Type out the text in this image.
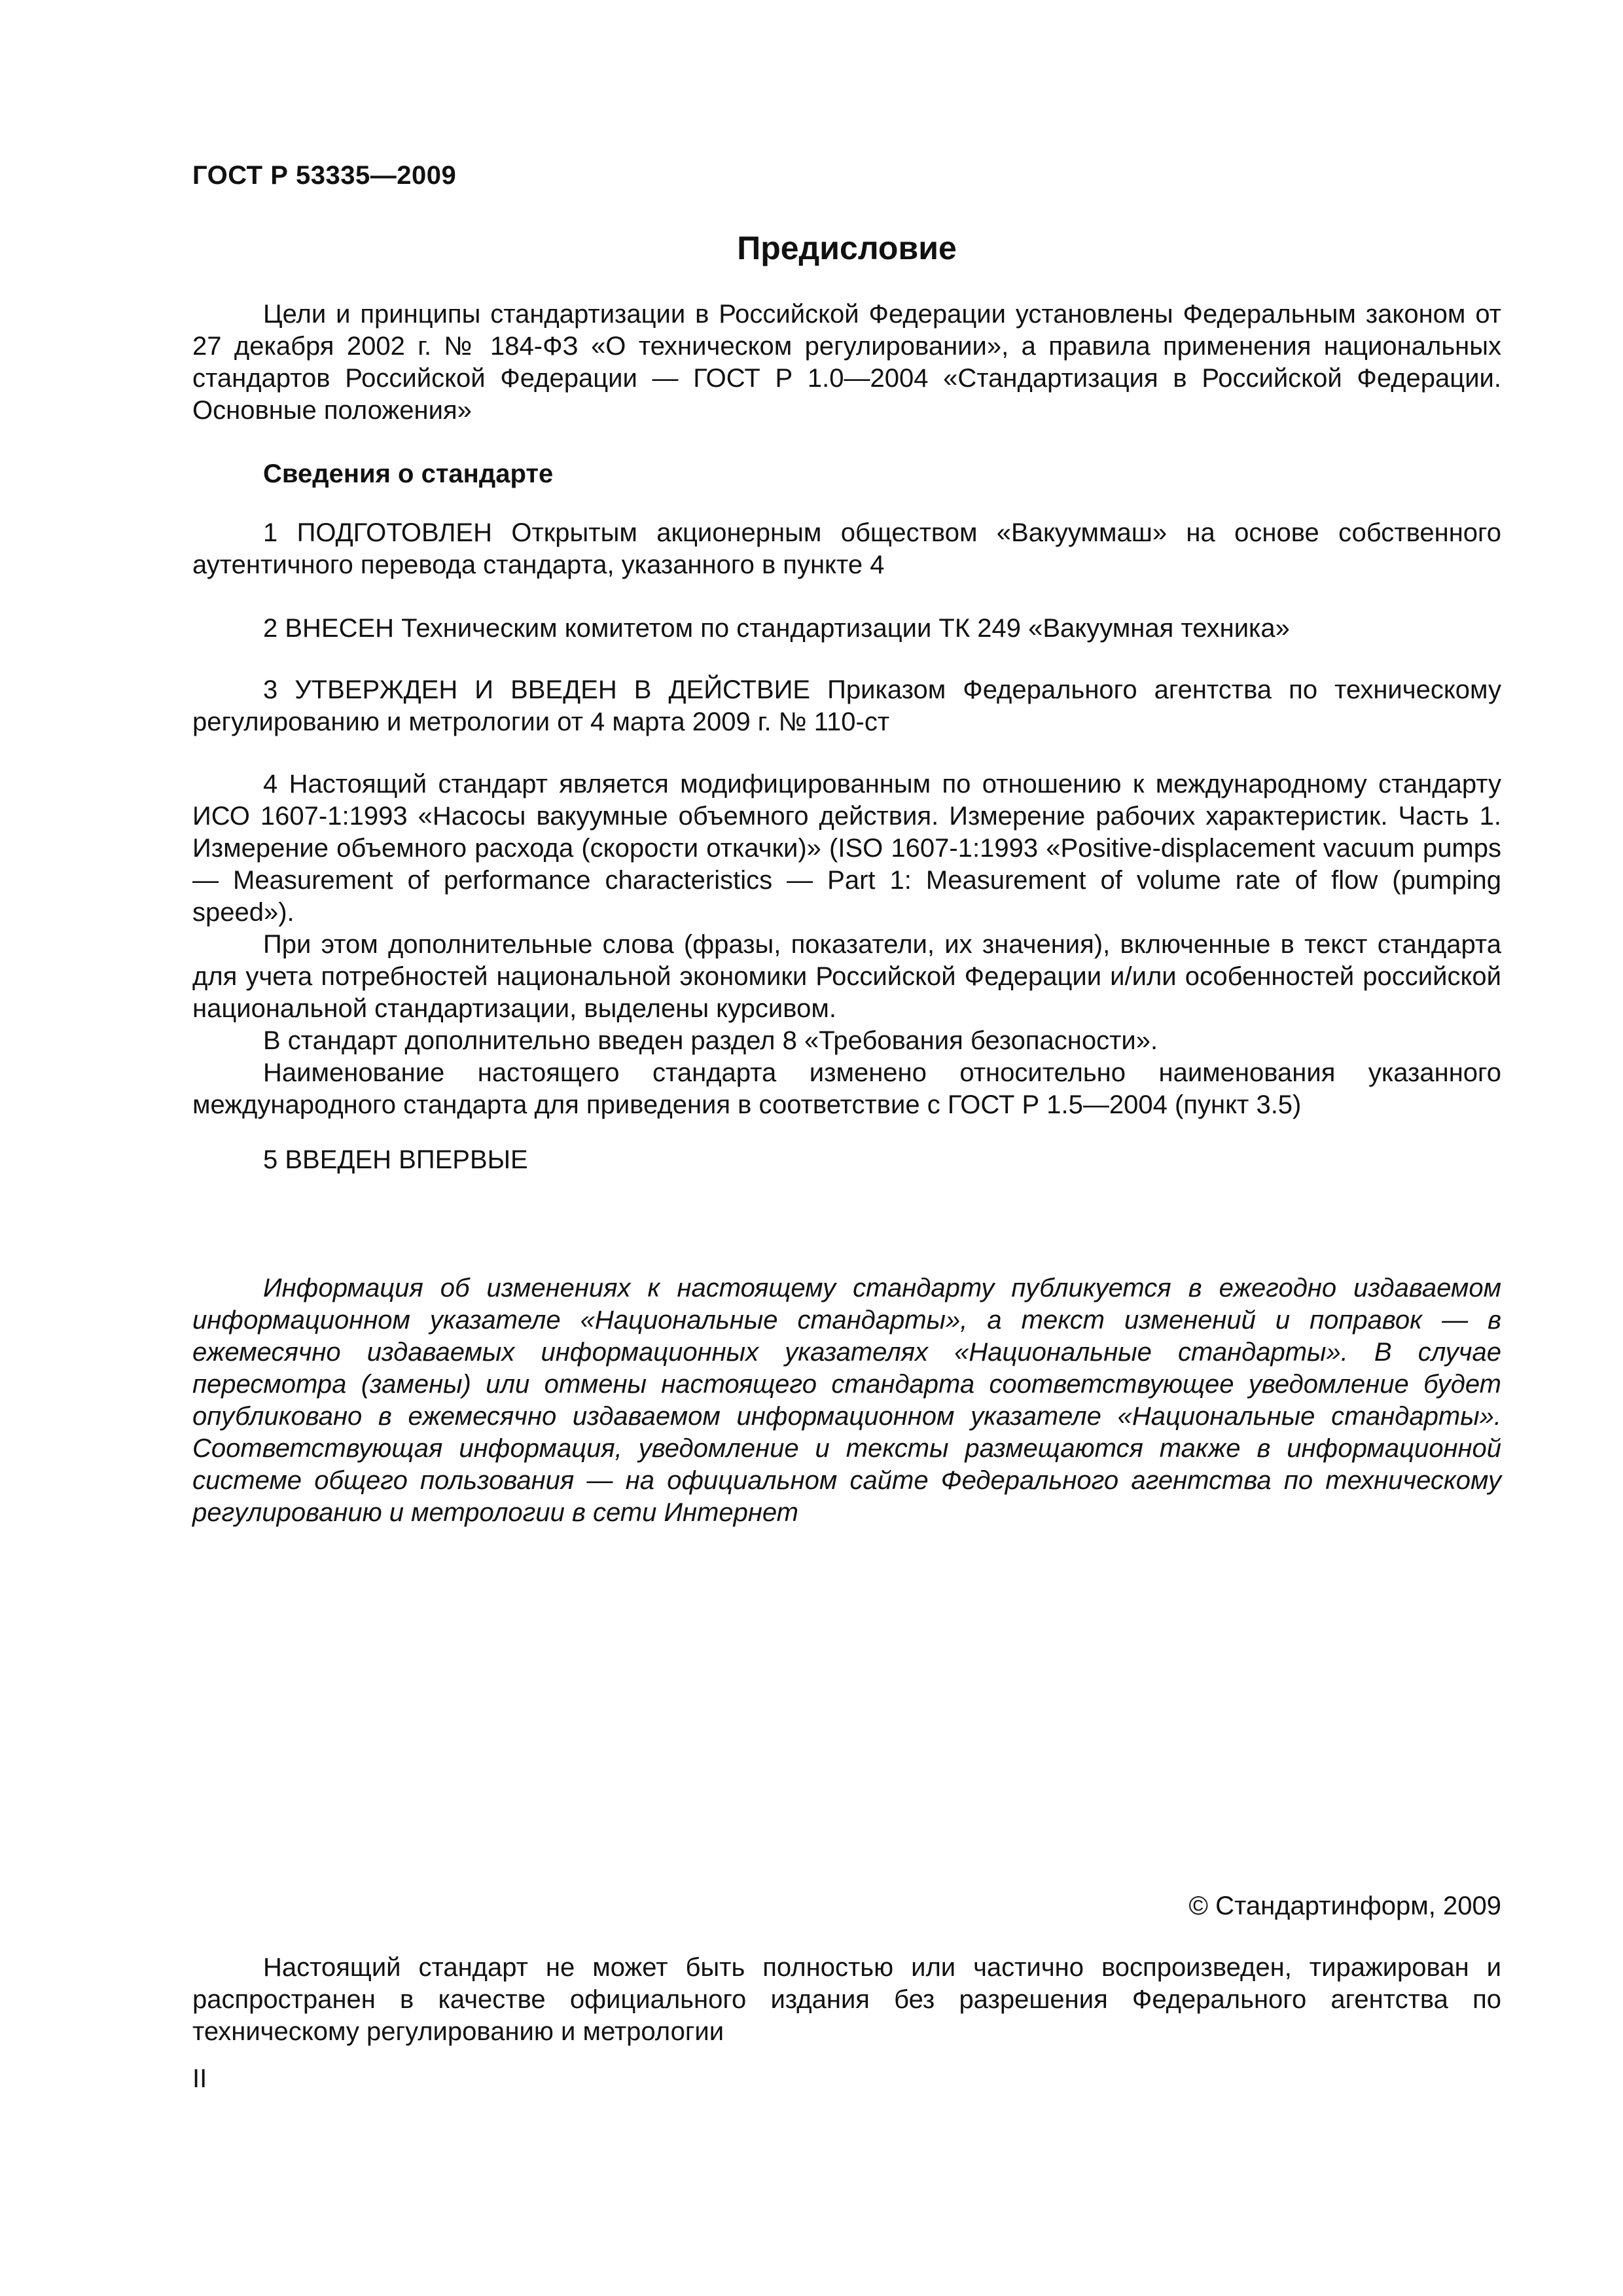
ГОСТ Р 53335—2009
Предисловие

Цели и принципы стандартизации в Российской Федерации установлены Федеральным законом от 27 декабря 2002 г. № 184-ФЗ «О техническом регулировании», а правила применения национальных стандартов Российской Федерации — ГОСТ Р 1.0—2004 «Стандартизация в Российской Федерации. Основные положения»

Сведения о стандарте

1 ПОДГОТОВЛЕН Открытым акционерным обществом «Вакууммаш» на основе собственного аутентичного перевода стандарта, указанного в пункте 4

2 ВНЕСЕН Техническим комитетом по стандартизации ТК 249 «Вакуумная техника»

3 УТВЕРЖДЕН И ВВЕДЕН В ДЕЙСТВИЕ Приказом Федерального агентства по техническому регулированию и метрологии от 4 марта 2009 г. № 110-ст

4 Настоящий стандарт является модифицированным по отношению к международному стандарту ИСО 1607-1:1993 «Насосы вакуумные объемного действия. Измерение рабочих характеристик. Часть 1. Измерение объемного расхода (скорости откачки)» (ISO 1607-1:1993 «Positive-displacement vacuum pumps — Measurement of performance characteristics — Part 1: Measurement of volume rate of flow (pumping speed»).

При этом дополнительные слова (фразы, показатели, их значения), включенные в текст стандарта для учета потребностей национальной экономики Российской Федерации и/или особенностей российской национальной стандартизации, выделены курсивом.

В стандарт дополнительно введен раздел 8 «Требования безопасности».

Наименование настоящего стандарта изменено относительно наименования указанного международного стандарта для приведения в соответствие с ГОСТ Р 1.5—2004 (пункт 3.5)

5 ВВЕДЕН ВПЕРВЫЕ

Информация об изменениях к настоящему стандарту публикуется в ежегодно издаваемом информационном указателе «Национальные стандарты», а текст изменений и поправок — в ежемесячно издаваемых информационных указателях «Национальные стандарты». В случае пересмотра (замены) или отмены настоящего стандарта соответствующее уведомление будет опубликовано в ежемесячно издаваемом информационном указателе «Национальные стандарты». Соответствующая информация, уведомление и тексты размещаются также в информационной системе общего пользования — на официальном сайте Федерального агентства по техническому регулированию и метрологии в сети Интернет

© Стандартинформ, 2009

Настоящий стандарт не может быть полностью или частично воспроизведен, тиражирован и распространен в качестве официального издания без разрешения Федерального агентства по техническому регулированию и метрологии

II
